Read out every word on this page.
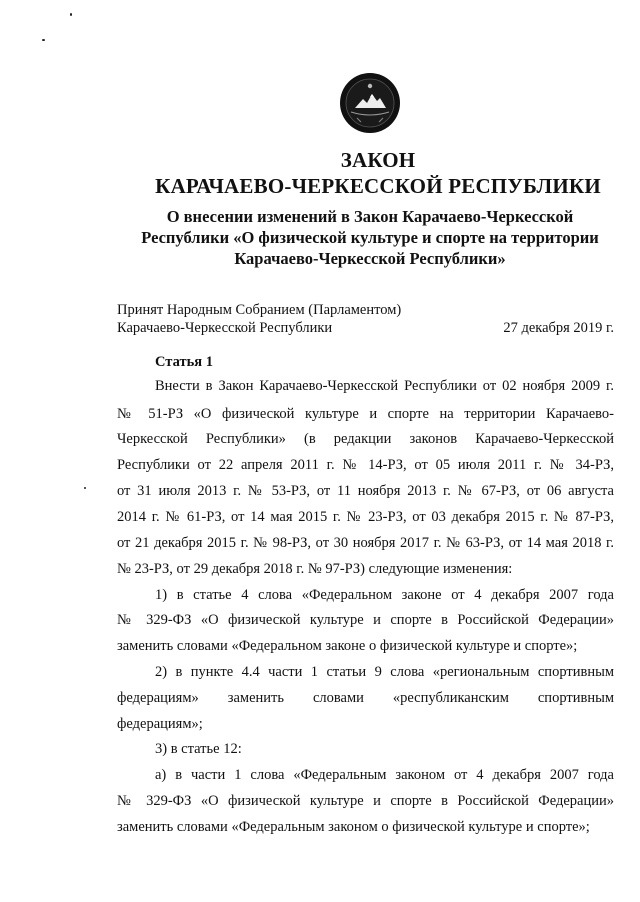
ЗАКОН
КАРАЧАЕВО-ЧЕРКЕССКОЙ РЕСПУБЛИКИ
О внесении изменений в Закон Карачаево-Черкесской
Республики «О физической культуре и спорте на территории
Карачаево-Черкесской Республики»
Принят Народным Собранием (Парламентом)
Карачаево-Черкесской Республики	27 декабря 2019 г.
Статья 1
Внести в Закон Карачаево-Черкесской Республики от 02 ноября 2009 г.
№ 51-РЗ «О физической культуре и спорте на территории Карачаево-
Черкесской Республики» (в редакции законов Карачаево-Черкесской
Республики от 22 апреля 2011 г. № 14-РЗ, от 05 июля 2011 г. № 34-РЗ,
от 31 июля 2013 г. № 53-РЗ, от 11 ноября 2013 г. № 67-РЗ, от 06 августа
2014 г. № 61-РЗ, от 14 мая 2015 г. № 23-РЗ, от 03 декабря 2015 г. № 87-РЗ,
от 21 декабря 2015 г. № 98-РЗ, от 30 ноября 2017 г. № 63-РЗ, от 14 мая 2018 г.
№ 23-РЗ, от 29 декабря 2018 г. № 97-РЗ) следующие изменения:
1) в статье 4 слова «Федеральном законе от 4 декабря 2007 года
№ 329-ФЗ «О физической культуре и спорте в Российской Федерации»
заменить словами «Федеральном законе о физической культуре и спорте»;
2) в пункте 4.4 части 1 статьи 9 слова «региональным спортивным
федерациям» заменить словами «республиканским спортивным
федерациям»;
3) в статье 12:
а) в части 1 слова «Федеральным законом от 4 декабря 2007 года
№ 329-ФЗ «О физической культуре и спорте в Российской Федерации»
заменить словами «Федеральным законом о физической культуре и спорте»;
